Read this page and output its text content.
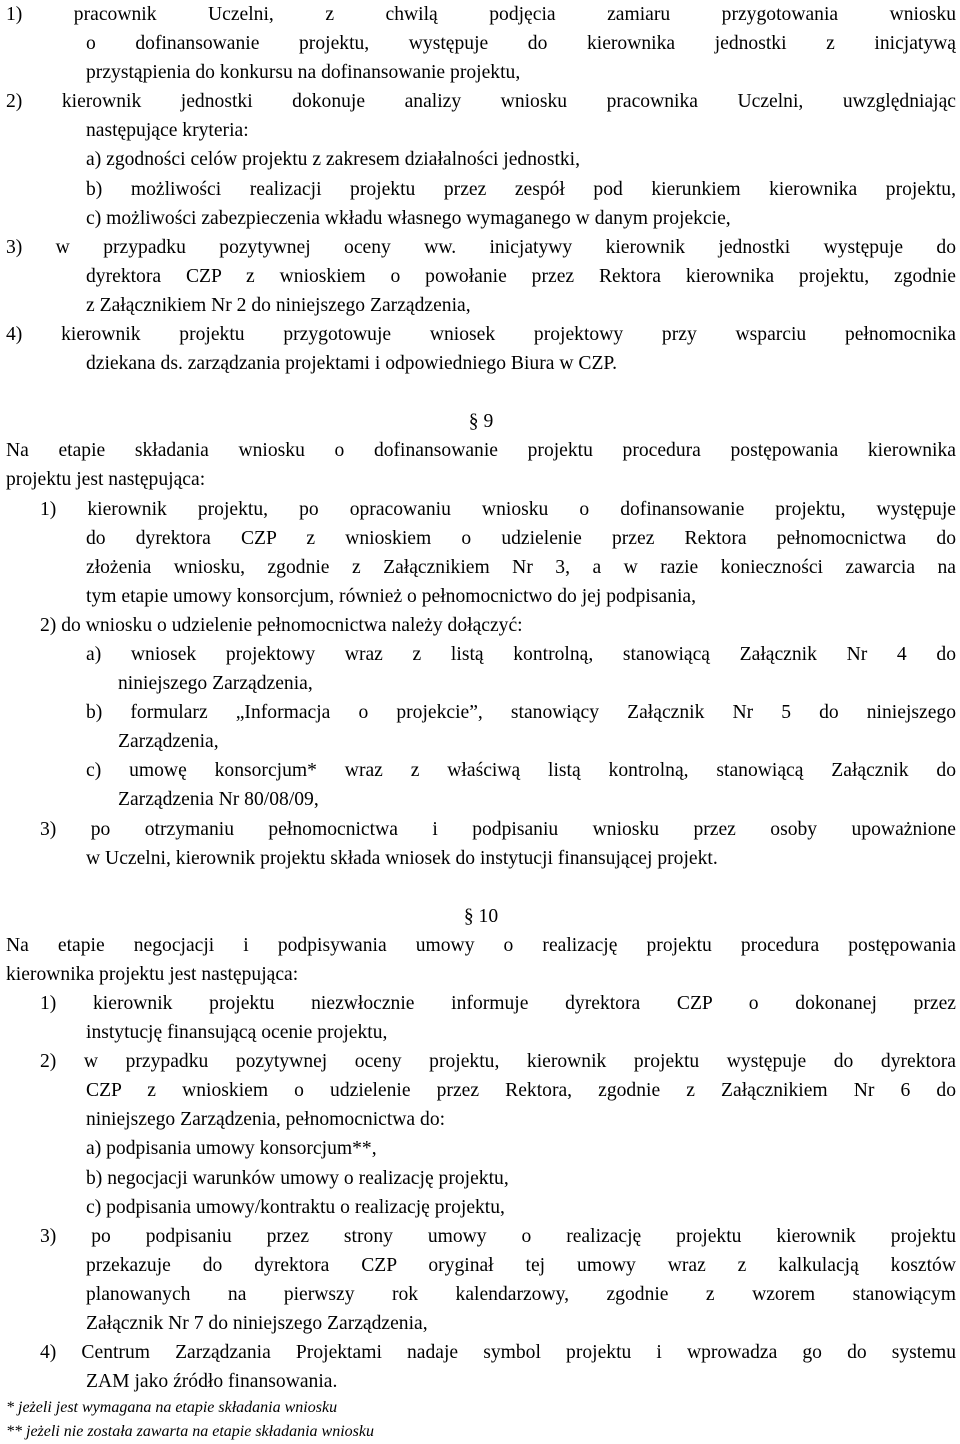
1) pracownik Uczelni, z chwilą podjęcia zamiaru przygotowania wniosku
o dofinansowanie projektu, występuje do kierownika jednostki z inicjatywą
przystąpienia do konkursu na dofinansowanie projektu,
2) kierownik jednostki dokonuje analizy wniosku pracownika Uczelni, uwzględniając
następujące kryteria:
a) zgodności celów projektu z zakresem działalności jednostki,
b) możliwości realizacji projektu przez zespół pod kierunkiem kierownika projektu,
c) możliwości zabezpieczenia wkładu własnego wymaganego w danym projekcie,
3) w przypadku pozytywnej oceny ww. inicjatywy kierownik jednostki występuje do
dyrektora CZP z wnioskiem o powołanie przez Rektora kierownika projektu, zgodnie
z Załącznikiem Nr 2 do niniejszego Zarządzenia,
4) kierownik projektu przygotowuje wniosek projektowy przy wsparciu pełnomocnika
dziekana ds. zarządzania projektami i odpowiedniego Biura w CZP.
§ 9
Na etapie składania wniosku o dofinansowanie projektu procedura postępowania kierownika
projektu jest następująca:
1) kierownik projektu, po opracowaniu wniosku o dofinansowanie projektu, występuje
do dyrektora CZP z wnioskiem o udzielenie przez Rektora pełnomocnictwa do
złożenia wniosku, zgodnie z Załącznikiem Nr 3, a w razie konieczności zawarcia na
tym etapie umowy konsorcjum, również o pełnomocnictwo do jej podpisania,
2) do wniosku o udzielenie pełnomocnictwa należy dołączyć:
a) wniosek projektowy wraz z listą kontrolną, stanowiącą Załącznik Nr 4 do
niniejszego Zarządzenia,
b) formularz „Informacja o projekcie”, stanowiący Załącznik Nr 5 do niniejszego
Zarządzenia,
c) umowę konsorcjum* wraz z właściwą listą kontrolną, stanowiącą Załącznik do
Zarządzenia Nr 80/08/09,
3) po otrzymaniu pełnomocnictwa i podpisaniu wniosku przez osoby upoważnione
w Uczelni, kierownik projektu składa wniosek do instytucji finansującej projekt.
§ 10
Na etapie negocjacji i podpisywania umowy o realizację projektu procedura postępowania
kierownika projektu jest następująca:
1) kierownik projektu niezwłocznie informuje dyrektora CZP o dokonanej przez
instytucję finansującą ocenie projektu,
2) w przypadku pozytywnej oceny projektu, kierownik projektu występuje do dyrektora
CZP z wnioskiem o udzielenie przez Rektora, zgodnie z Załącznikiem Nr 6 do
niniejszego Zarządzenia, pełnomocnictwa do:
a) podpisania umowy konsorcjum**,
b) negocjacji warunków umowy o realizację projektu,
c) podpisania umowy/kontraktu o realizację projektu,
3) po podpisaniu przez strony umowy o realizację projektu kierownik projektu
przekazuje do dyrektora CZP oryginał tej umowy wraz z kalkulacją kosztów
planowanych na pierwszy rok kalendarzowy, zgodnie z wzorem stanowiącym
Załącznik Nr 7 do niniejszego Zarządzenia,
4) Centrum Zarządzania Projektami nadaje symbol projektu i wprowadza go do systemu
ZAM jako źródło finansowania.
* jeżeli jest wymagana na etapie składania wniosku
** jeżeli nie została zawarta na etapie składania wniosku
